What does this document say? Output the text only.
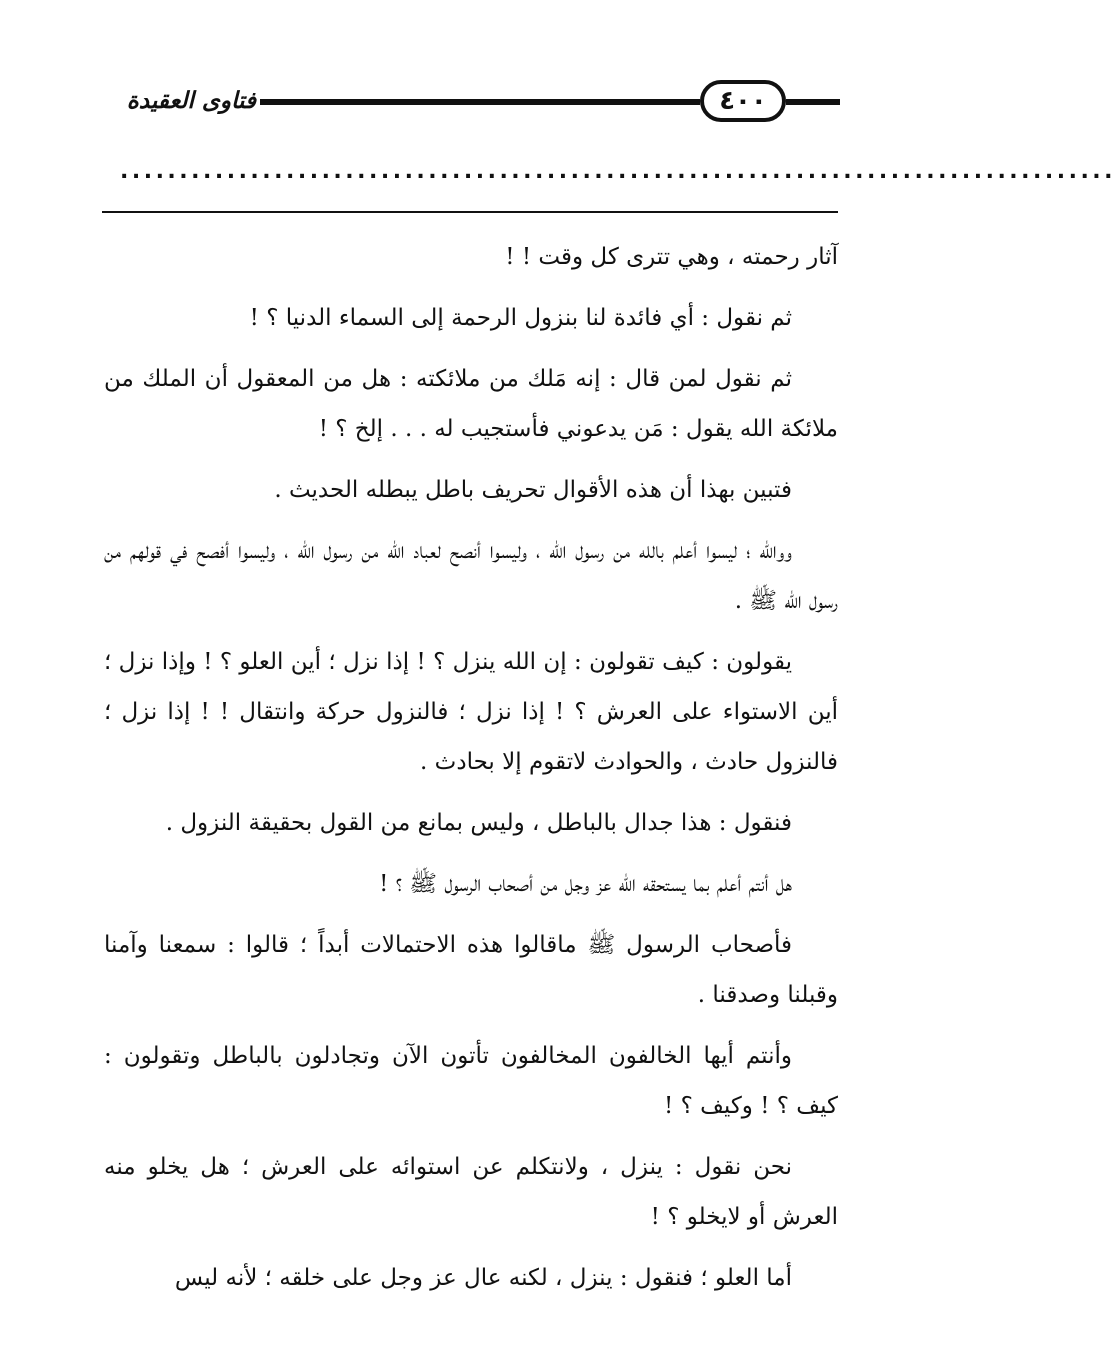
فتاوى العقيدة	٤٠٠
....................................................................................

آثار رحمته ، وهي تترى كل وقت ! !

ثم نقول : أي فائدة لنا بنزول الرحمة إلى السماء الدنيا ؟ !

ثم نقول لمن قال : إنه مَلك من ملائكته : هل من المعقول أن الملك من ملائكة الله يقول : مَن يدعوني فأستجيب له . . . إلخ ؟ !

فتبين بهذا أن هذه الأقوال تحريف باطل يبطله الحديث .

ووالله ؛ ليسوا أعلم بالله من رسول الله ، وليسوا أنصح لعباد الله من رسول الله ، وليسوا أفصح في قولهم من رسول الله ﷺ .

يقولون : كيف تقولون : إن الله ينزل ؟ ! إذا نزل ؛ أين العلو ؟ ! وإذا نزل ؛ أين الاستواء على العرش ؟ ! إذا نزل ؛ فالنزول حركة وانتقال ! ! إذا نزل ؛ فالنزول حادث ، والحوادث لاتقوم إلا بحادث .

فنقول : هذا جدال بالباطل ، وليس بمانع من القول بحقيقة النزول .

هل أنتم أعلم بما يستحقه الله عز وجل من أصحاب الرسول ﷺ ؟ !

فأصحاب الرسول ﷺ ماقالوا هذه الاحتمالات أبداً ؛ قالوا : سمعنا وآمنا وقبلنا وصدقنا .

وأنتم أيها الخالفون المخالفون تأتون الآن وتجادلون بالباطل وتقولون : كيف ؟ ! وكيف ؟ !

نحن نقول : ينزل ، ولانتكلم عن استوائه على العرش ؛ هل يخلو منه العرش أو لايخلو ؟ !

أما العلو ؛ فنقول : ينزل ، لكنه عال عز وجل على خلقه ؛ لأنه ليس
